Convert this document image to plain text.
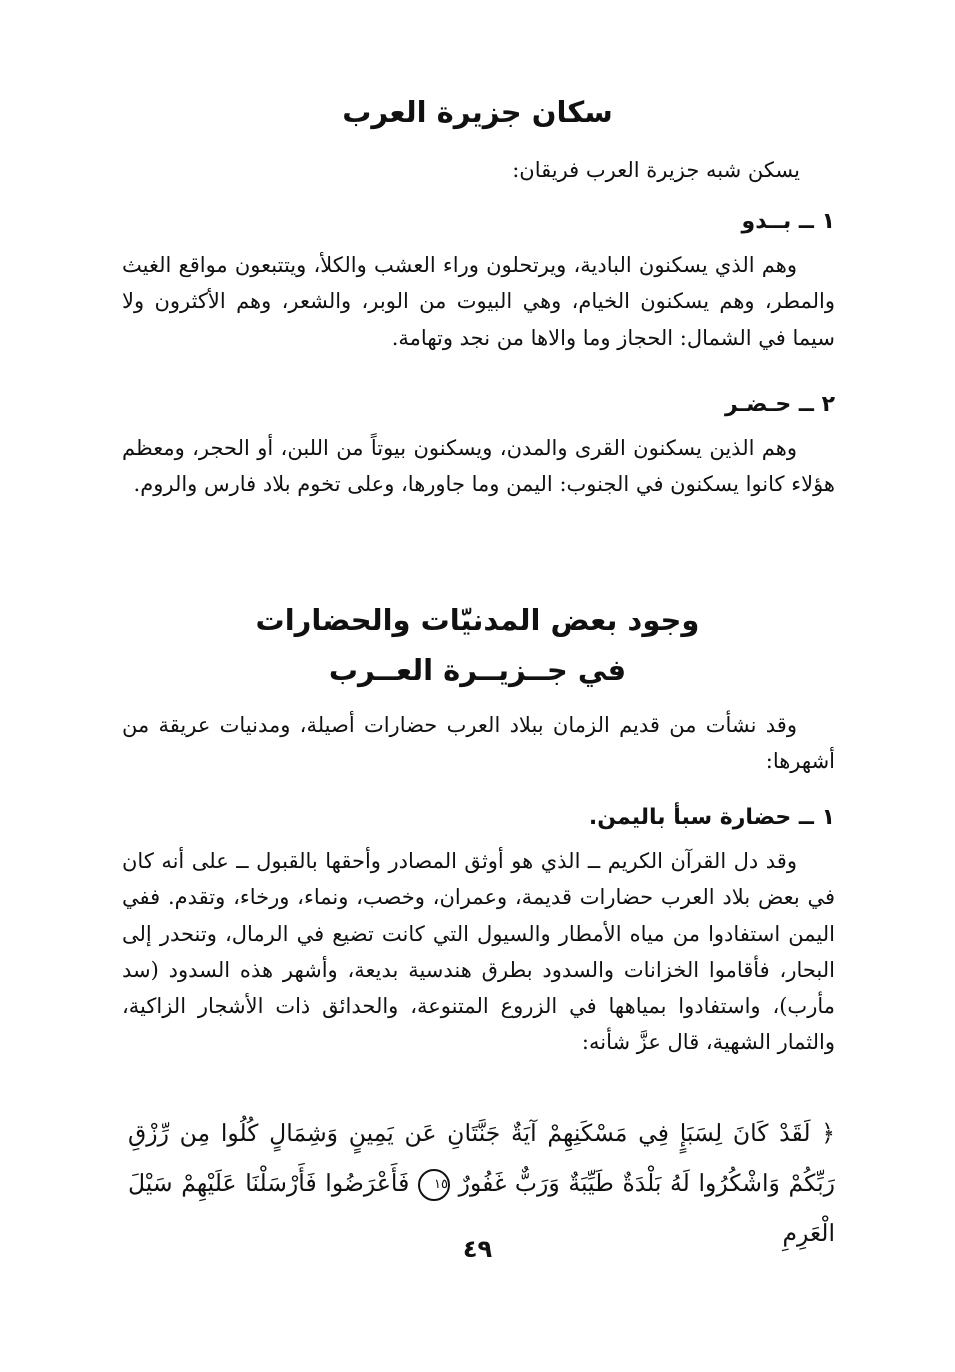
سكان جزيرة العرب
يسكن شبه جزيرة العرب فريقان:
١ ــ بــدو
وهم الذي يسكنون البادية، ويرتحلون وراء العشب والكلأ، ويتتبعون مواقع الغيث والمطر، وهم يسكنون الخيام، وهي البيوت من الوبر، والشعر، وهم الأكثرون ولا سيما في الشمال: الحجاز وما والاها من نجد وتهامة.
٢ ــ حـضـر
وهم الذين يسكنون القرى والمدن، ويسكنون بيوتاً من اللبن، أو الحجر، ومعظم هؤلاء كانوا يسكنون في الجنوب: اليمن وما جاورها، وعلى تخوم بلاد فارس والروم.
وجود بعض المدنيّات والحضارات
في جــزيــرة العــرب
وقد نشأت من قديم الزمان ببلاد العرب حضارات أصيلة، ومدنيات عريقة من أشهرها:
١ ــ حضارة سبأ باليمن.
وقد دل القرآن الكريم ــ الذي هو أوثق المصادر وأحقها بالقبول ــ على أنه كان في بعض بلاد العرب حضارات قديمة، وعمران، وخصب، ونماء، ورخاء، وتقدم. ففي اليمن استفادوا من مياه الأمطار والسيول التي كانت تضيع في الرمال، وتنحدر إلى البحار، فأقاموا الخزانات والسدود بطرق هندسية بديعة، وأشهر هذه السدود (سد مأرب)، واستفادوا بمياهها في الزروع المتنوعة، والحدائق ذات الأشجار الزاكية، والثمار الشهية، قال عزَّ شأنه:
﴿ لَقَدْ كَانَ لِسَبَإٍ فِي مَسْكَنِهِمْ آيَةٌ جَنَّتَانِ عَن يَمِينٍ وَشِمَالٍ كُلُوا مِن رِّزْقِ
رَبِّكُمْ وَاشْكُرُوا لَهُ بَلْدَةٌ طَيِّبَةٌ وَرَبٌّ غَفُورٌ ١٥ فَأَعْرَضُوا فَأَرْسَلْنَا عَلَيْهِمْ سَيْلَ الْعَرِمِ
٤٩
